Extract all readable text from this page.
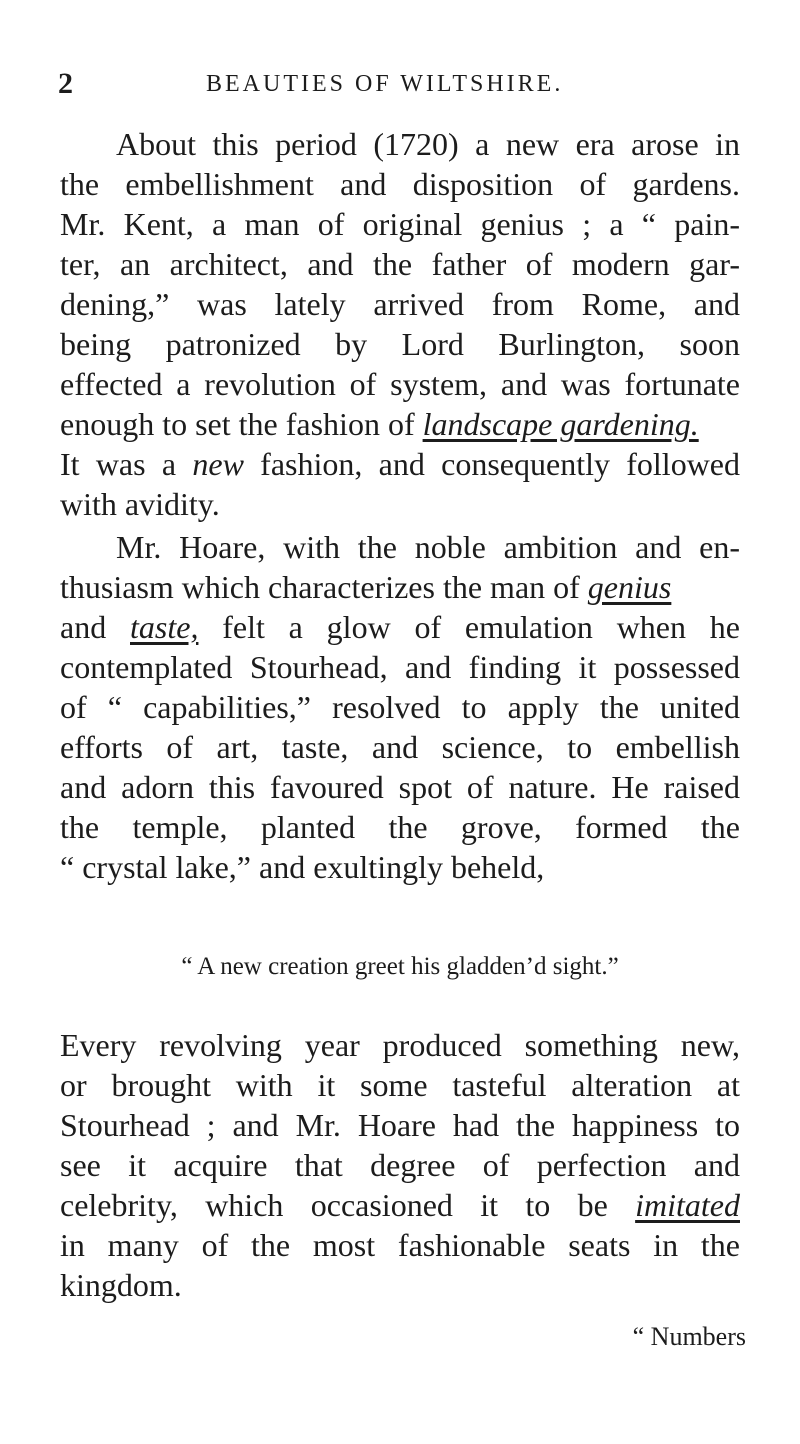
2	BEAUTIES OF WILTSHIRE.
About this period (1720) a new era arose in
the embellishment and disposition of gardens.
Mr. Kent, a man of original genius ; a “ pain-
ter, an architect, and the father of modern gar-
dening,” was lately arrived from Rome, and
being patronized by Lord Burlington, soon
effected a revolution of system, and was fortunate
enough to set the fashion of landscape gardening.
It was a new fashion, and consequently followed
with avidity.
Mr. Hoare, with the noble ambition and en-
thusiasm which characterizes the man of genius
and taste, felt a glow of emulation when he
contemplated Stourhead, and finding it possessed
of “ capabilities,” resolved to apply the united
efforts of art, taste, and science, to embellish
and adorn this favoured spot of nature. He raised
the temple, planted the grove, formed the
“ crystal lake,” and exultingly beheld,
“ A new creation greet his gladden’d sight.”
Every revolving year produced something new,
or brought with it some tasteful alteration at
Stourhead ; and Mr. Hoare had the happiness to
see it acquire that degree of perfection and
celebrity, which occasioned it to be imitated
in many of the most fashionable seats in the
kingdom.
“ Numbers
